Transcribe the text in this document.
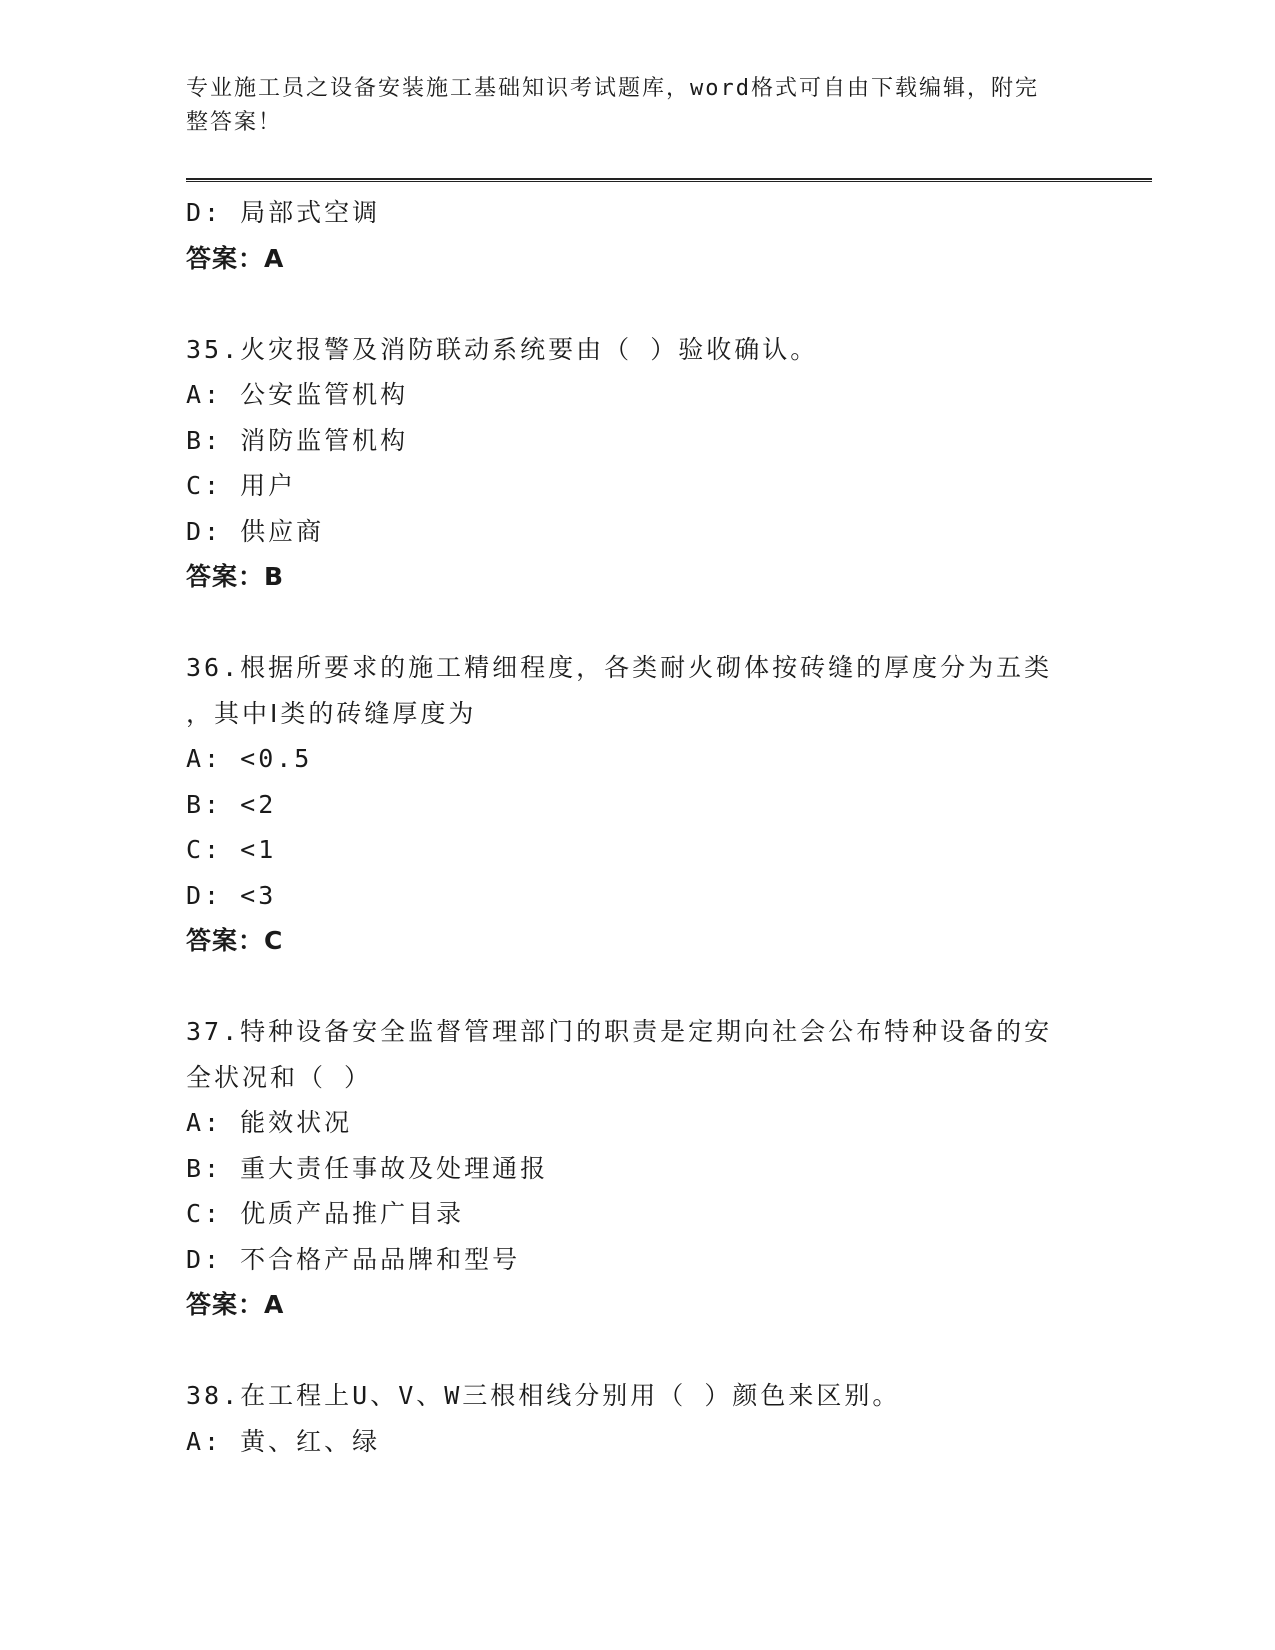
专业施工员之设备安装施工基础知识考试题库，word格式可自由下载编辑，附完
整答案！
D: 局部式空调
答案：A
35.火灾报警及消防联动系统要由（ ）验收确认。
A: 公安监管机构
B: 消防监管机构
C: 用户
D: 供应商
答案：B
36.根据所要求的施工精细程度，各类耐火砌体按砖缝的厚度分为五类
，其中Ⅰ类的砖缝厚度为
A: <0.5
B: <2
C: <1
D: <3
答案：C
37.特种设备安全监督管理部门的职责是定期向社会公布特种设备的安
全状况和（ ）
A: 能效状况
B: 重大责任事故及处理通报
C: 优质产品推广目录
D: 不合格产品品牌和型号
答案：A
38.在工程上U、V、W三根相线分别用（ ）颜色来区别。
A: 黄、红、绿
